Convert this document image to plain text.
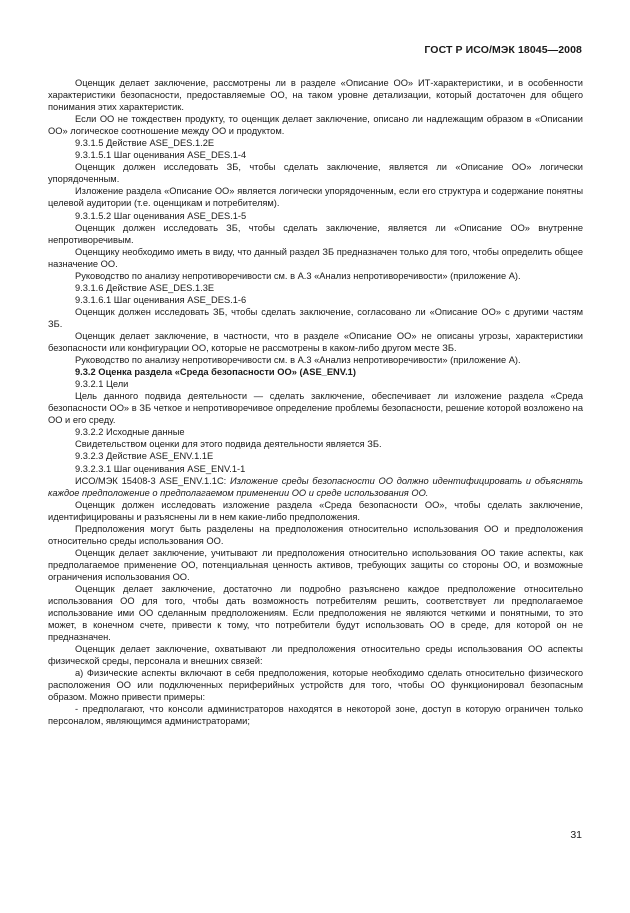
ГОСТ Р ИСО/МЭК 18045—2008

Оценщик делает заключение, рассмотрены ли в разделе «Описание ОО» ИТ-характеристики, и в особенности характеристики безопасности, предоставляемые ОО, на таком уровне детализации, который достаточен для общего понимания этих характеристик.

Если ОО не тождествен продукту, то оценщик делает заключение, описано ли надлежащим образом в «Описании ОО» логическое соотношение между ОО и продуктом.

9.3.1.5 Действие ASE_DES.1.2E

9.3.1.5.1 Шаг оценивания ASE_DES.1-4

Оценщик должен исследовать ЗБ, чтобы сделать заключение, является ли «Описание ОО» логически упорядоченным.

Изложение раздела «Описание ОО» является логически упорядоченным, если его структура и содержание понятны целевой аудитории (т.е. оценщикам и потребителям).

9.3.1.5.2 Шаг оценивания ASE_DES.1-5

Оценщик должен исследовать ЗБ, чтобы сделать заключение, является ли «Описание ОО» внутренне непротиворечивым.

Оценщику необходимо иметь в виду, что данный раздел ЗБ предназначен только для того, чтобы определить общее назначение ОО.

Руководство по анализу непротиворечивости см. в А.3 «Анализ непротиворечивости» (приложение А).

9.3.1.6 Действие ASE_DES.1.3E

9.3.1.6.1 Шаг оценивания ASE_DES.1-6

Оценщик должен исследовать ЗБ, чтобы сделать заключение, согласовано ли «Описание ОО» с другими частям ЗБ.

Оценщик делает заключение, в частности, что в разделе «Описание ОО» не описаны угрозы, характеристики безопасности или конфигурации ОО, которые не рассмотрены в каком-либо другом месте ЗБ.

Руководство по анализу непротиворечивости см. в А.3 «Анализ непротиворечивости» (приложение А).

9.3.2 Оценка раздела «Среда безопасности ОО» (ASE_ENV.1)

9.3.2.1 Цели

Цель данного подвида деятельности — сделать заключение, обеспечивает ли изложение раздела «Среда безопасности ОО» в ЗБ четкое и непротиворечивое определение проблемы безопасности, решение которой возложено на ОО и его среду.

9.3.2.2 Исходные данные

Свидетельством оценки для этого подвида деятельности является ЗБ.

9.3.2.3 Действие ASE_ENV.1.1E

9.3.2.3.1 Шаг оценивания ASE_ENV.1-1

ИСО/МЭК 15408-3 ASE_ENV.1.1C: Изложение среды безопасности ОО должно идентифицировать и объяснять каждое предположение о предполагаемом применении ОО и среде использования ОО.

Оценщик должен исследовать изложение раздела «Среда безопасности ОО», чтобы сделать заключение, идентифицированы и разъяснены ли в нем какие-либо предположения.

Предположения могут быть разделены на предположения относительно использования ОО и предположения относительно среды использования ОО.

Оценщик делает заключение, учитывают ли предположения относительно использования ОО такие аспекты, как предполагаемое применение ОО, потенциальная ценность активов, требующих защиты со стороны ОО, и возможные ограничения использования ОО.

Оценщик делает заключение, достаточно ли подробно разъяснено каждое предположение относительно использования ОО для того, чтобы дать возможность потребителям решить, соответствует ли предполагаемое использование ими ОО сделанным предположениям. Если предположения не являются четкими и понятными, то это может, в конечном счете, привести к тому, что потребители будут использовать ОО в среде, для которой он не предназначен.

Оценщик делает заключение, охватывают ли предположения относительно среды использования ОО аспекты физической среды, персонала и внешних связей:

а) Физические аспекты включают в себя предположения, которые необходимо сделать относительно физического расположения ОО или подключенных периферийных устройств для того, чтобы ОО функционировал безопасным образом. Можно привести примеры:

- предполагают, что консоли администраторов находятся в некоторой зоне, доступ в которую ограничен только персоналом, являющимся администраторами;

31
